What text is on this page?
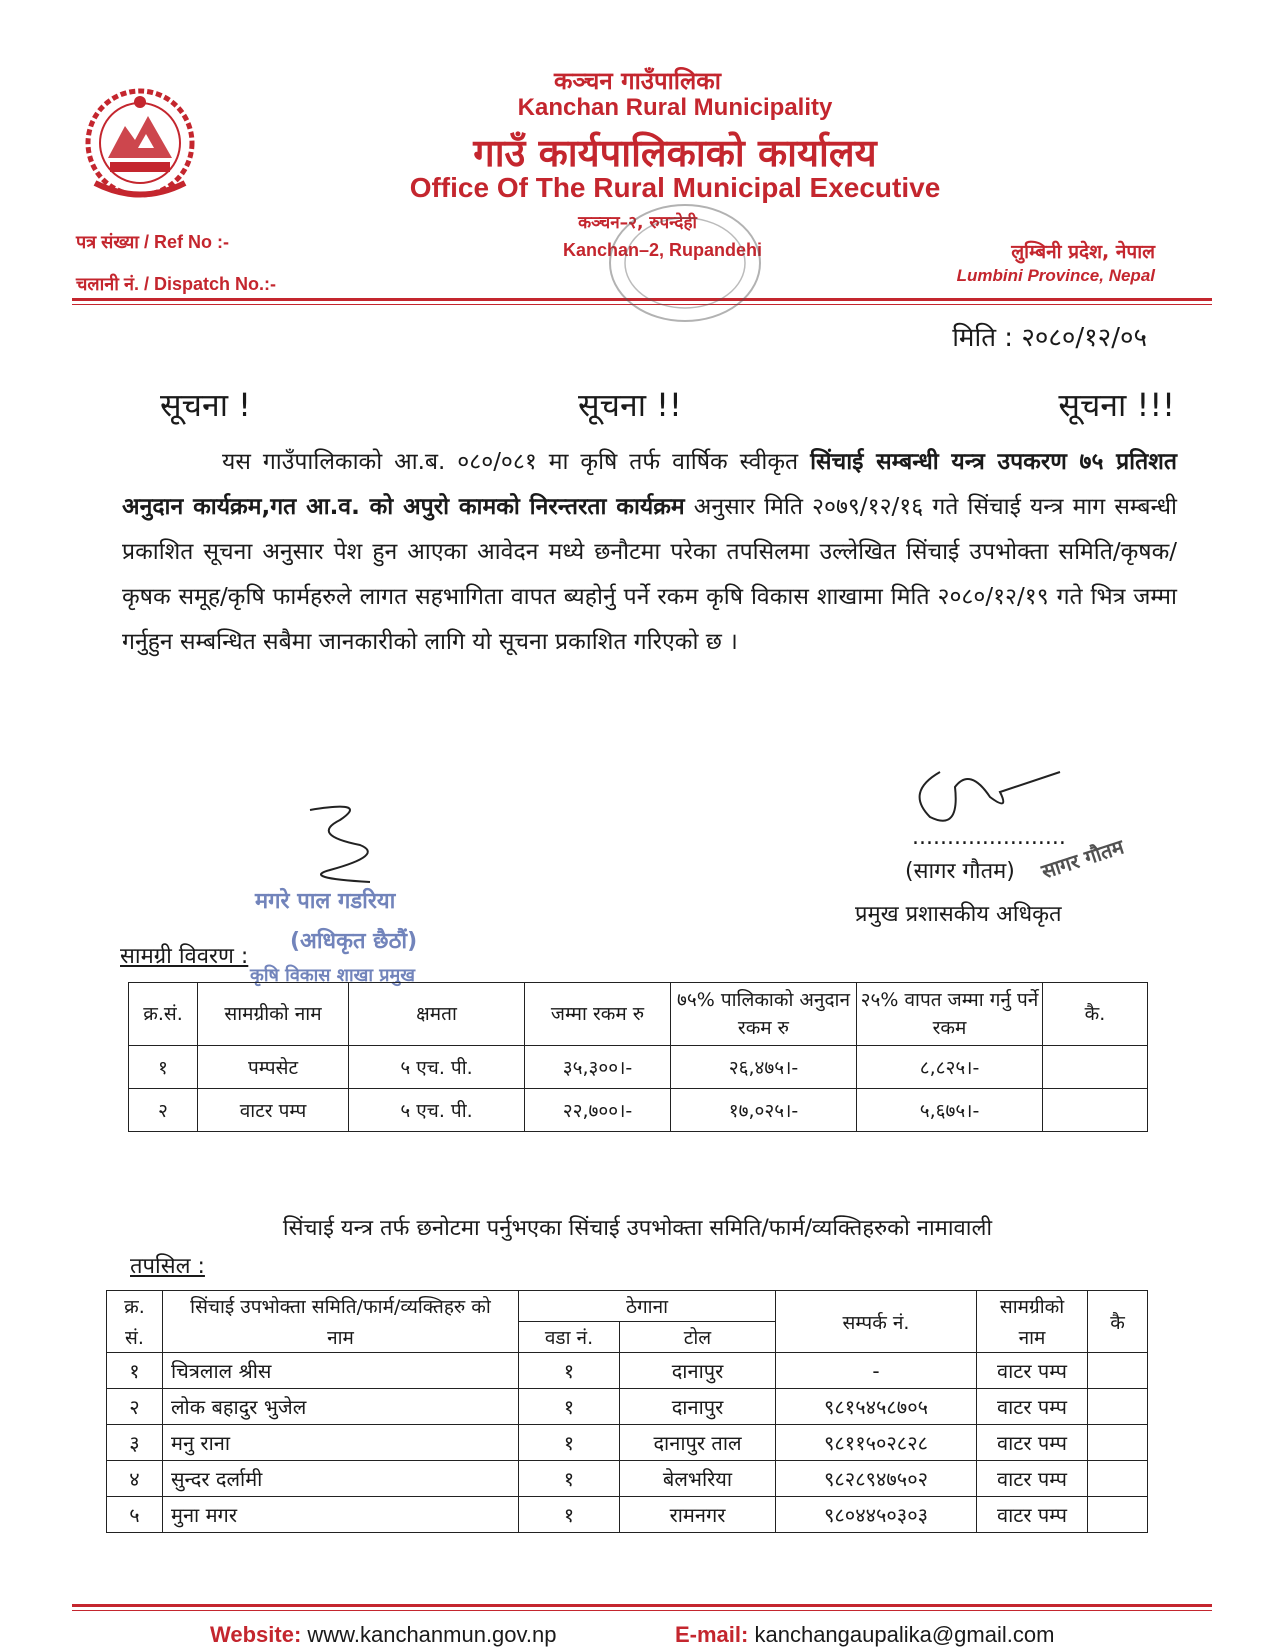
कञ्चन गाउँपालिका
Kanchan Rural Municipality
गाउँ कार्यपालिकाको कार्यालय
Office Of The Rural Municipal Executive
कञ्चन–२, रुपन्देही
Kanchan–2, Rupandehi
पत्र संख्या / Ref No :-
चलानी नं. / Dispatch No.:-
लुम्बिनी प्रदेश, नेपाल
Lumbini Province, Nepal
मिति : २०८०/१२/०५
सूचना !	सूचना !!	सूचना !!!
यस गाउँपालिकाको आ.ब. ०८०/०८१ मा कृषि तर्फ वार्षिक स्वीकृत सिंचाई सम्बन्धी यन्त्र उपकरण ७५ प्रतिशत अनुदान कार्यक्रम,गत आ.व. को अपुरो कामको निरन्तरता कार्यक्रम अनुसार मिति २०७९/१२/१६ गते सिंचाई यन्त्र माग सम्बन्धी प्रकाशित सूचना अनुसार पेश हुन आएका आवेदन मध्ये छनौटमा परेका तपसिलमा उल्लेखित सिंचाई उपभोक्ता समिति/कृषक/कृषक समूह/कृषि फार्महरुले लागत सहभागिता वापत ब्यहोर्नु पर्ने रकम कृषि विकास शाखामा मिति २०८०/१२/१९ गते भित्र जम्मा गर्नुहुन सम्बन्धित सबैमा जानकारीको लागि यो सूचना प्रकाशित गरिएको छ ।
मगरे पाल गडरिया
(अधिकृत छैठौं)
कृषि विकास शाखा प्रमुख
......................
(सागर गौतम)
प्रमुख प्रशासकीय अधिकृत
सागर गौतम
सामग्री विवरण :
क्र.सं.	सामग्रीको नाम	क्षमता	जम्मा रकम रु	७५% पालिकाको अनुदान रकम रु	२५% वापत जम्मा गर्नु पर्ने रकम	कै.
१	पम्पसेट	५ एच. पी.	३५,३००।-	२६,४७५।-	८,८२५।-	
२	वाटर पम्प	५ एच. पी.	२२,७००।-	१७,०२५।-	५,६७५।-	
सिंचाई यन्त्र तर्फ छनोटमा पर्नुभएका सिंचाई उपभोक्ता समिति/फार्म/व्यक्तिहरुको नामावाली
तपसिल :
क्र.	सिंचाई उपभोक्ता समिति/फार्म/व्यक्तिहरु को	ठेगाना		सम्पर्क नं.	सामग्रीको	कै
सं.	नाम	वडा नं.	टोल		नाम	
१	चित्रलाल श्रीस	१	दानापुर	-	वाटर पम्प	
२	लोक बहादुर भुजेल	१	दानापुर	९८१५४५८७०५	वाटर पम्प	
३	मनु राना	१	दानापुर ताल	९८११५०२८२८	वाटर पम्प	
४	सुन्दर दर्लामी	१	बेलभरिया	९८२८९४७५०२	वाटर पम्प	
५	मुना मगर	१	रामनगर	९८०४४५०३०३	वाटर पम्प	
Website: www.kanchanmun.gov.np	E-mail: kanchangaupalika@gmail.com
